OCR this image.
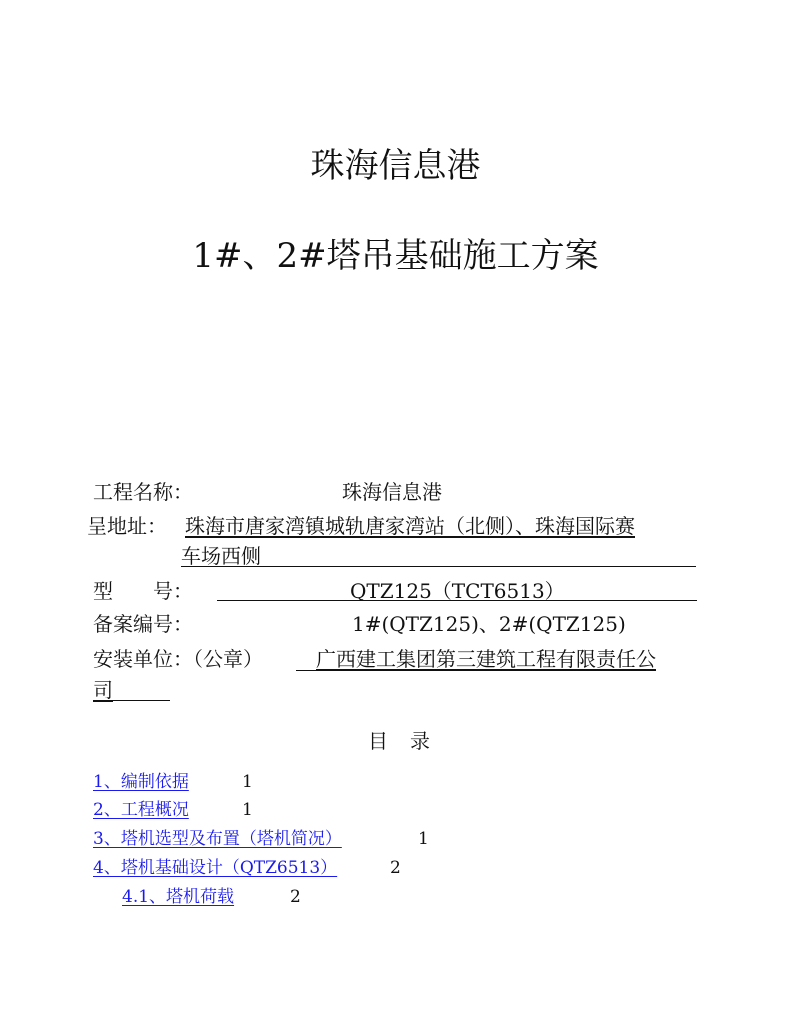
珠海信息港
1#、2#塔吊基础施工方案
工程名称：	珠海信息港
呈地址： 珠海市唐家湾镇城轨唐家湾站（北侧）、珠海国际赛
车场西侧
型　　号：	QTZ125（TCT6513）
备案编号：	1#(QTZ125)、2#(QTZ125)
安装单位：（公章）	广西建工集团第三建筑工程有限责任公
司
目录
1、编制依据	1
2、工程概况	1
3、塔机选型及布置（塔机简况）	1
4、塔机基础设计（QTZ6513）	2
4.1、塔机荷载	2
